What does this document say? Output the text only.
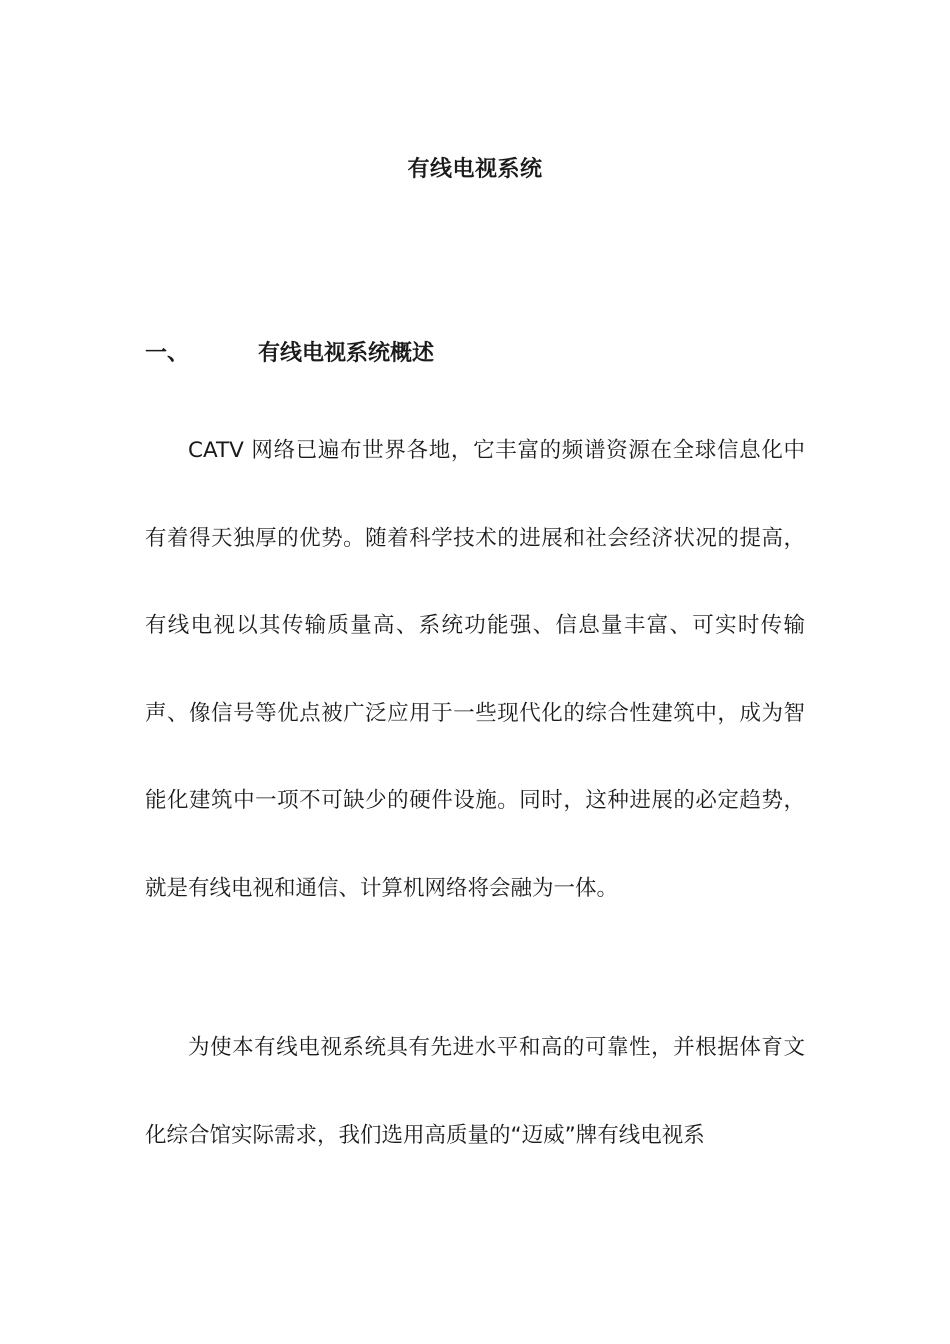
有线电视系统
一、	有线电视系统概述

CATV 网络已遍布世界各地，它丰富的频谱资源在全球信息化中有着得天独厚的优势。随着科学技术的进展和社会经济状况的提高，有线电视以其传输质量高、系统功能强、信息量丰富、可实时传输声、像信号等优点被广泛应用于一些现代化的综合性建筑中，成为智能化建筑中一项不可缺少的硬件设施。同时，这种进展的必定趋势，就是有线电视和通信、计算机网络将会融为一体。

为使本有线电视系统具有先进水平和高的可靠性，并根据体育文化综合馆实际需求，我们选用高质量的“迈威”牌有线电视系
